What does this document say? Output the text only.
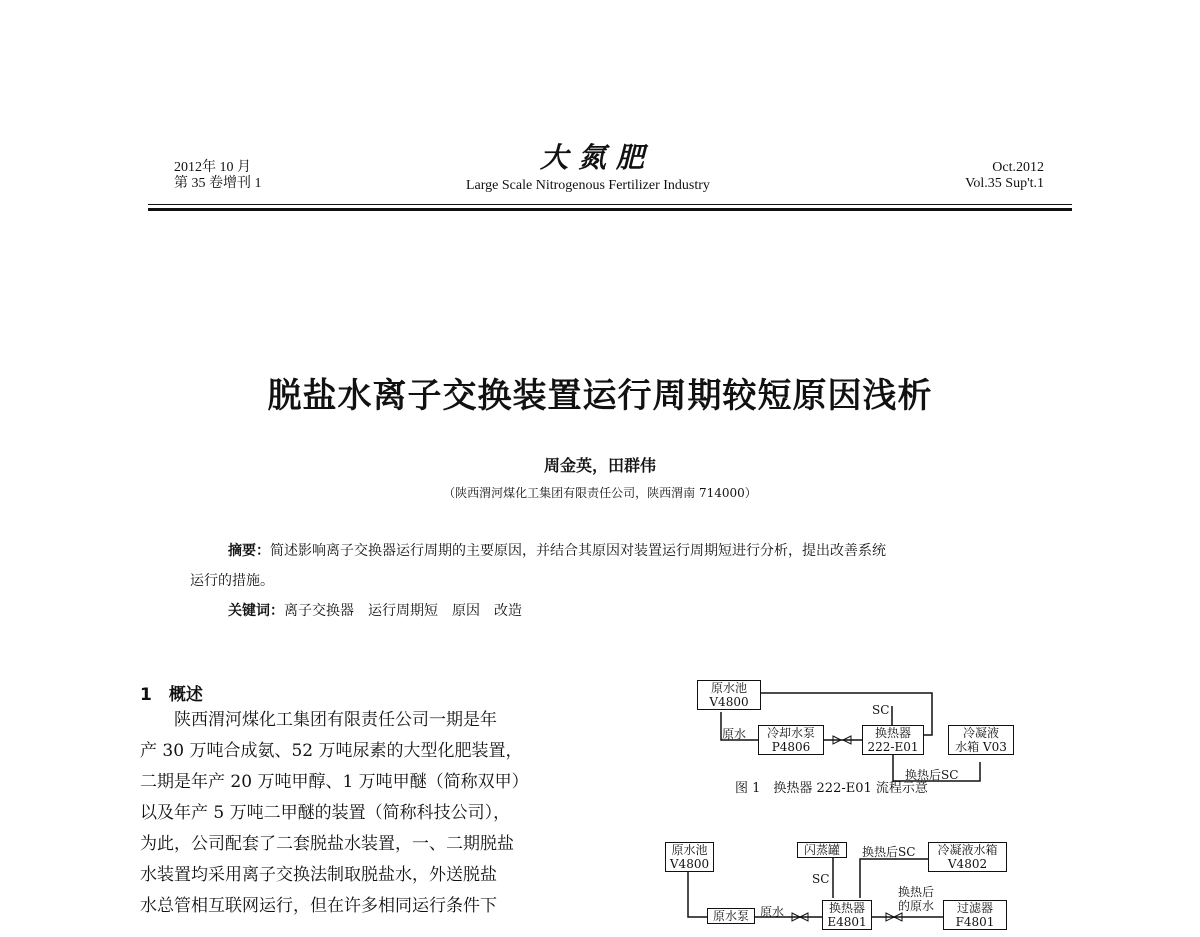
2012年 10 月
第 35 卷增刊 1
大氮肥
Large Scale Nitrogenous Fertilizer Industry
Oct.2012
Vol.35 Sup't.1
脱盐水离子交换装置运行周期较短原因浅析
周金英，田群伟
（陕西渭河煤化工集团有限责任公司，陕西渭南 714000）
摘要：简述影响离子交换器运行周期的主要原因，并结合其原因对装置运行周期短进行分析，提出改善系统
运行的措施。
关键词：离子交换器　运行周期短　原因　改造
1　概述
　　陕西渭河煤化工集团有限责任公司一期是年
产 30 万吨合成氨、52 万吨尿素的大型化肥装置，
二期是年产 20 万吨甲醇、1 万吨甲醚（简称双甲）
以及年产 5 万吨二甲醚的装置（简称科技公司），
为此，公司配套了二套脱盐水装置，一、二期脱盐
水装置均采用离子交换法制取脱盐水，外送脱盐
水总管相互联网运行，但在许多相同运行条件下
原水池
V4800
冷却水泵
P4806
换热器
222-E01
冷凝液
水箱 V03
原水
SC
换热后SC
图 1　换热器 222-E01 流程示意
原水池
V4800
闪蒸罐	冷凝液水箱
V4802
原水泵
换热器
E4801
过滤器
F4801
原水
SC
换热后SC
换热后
的原水
